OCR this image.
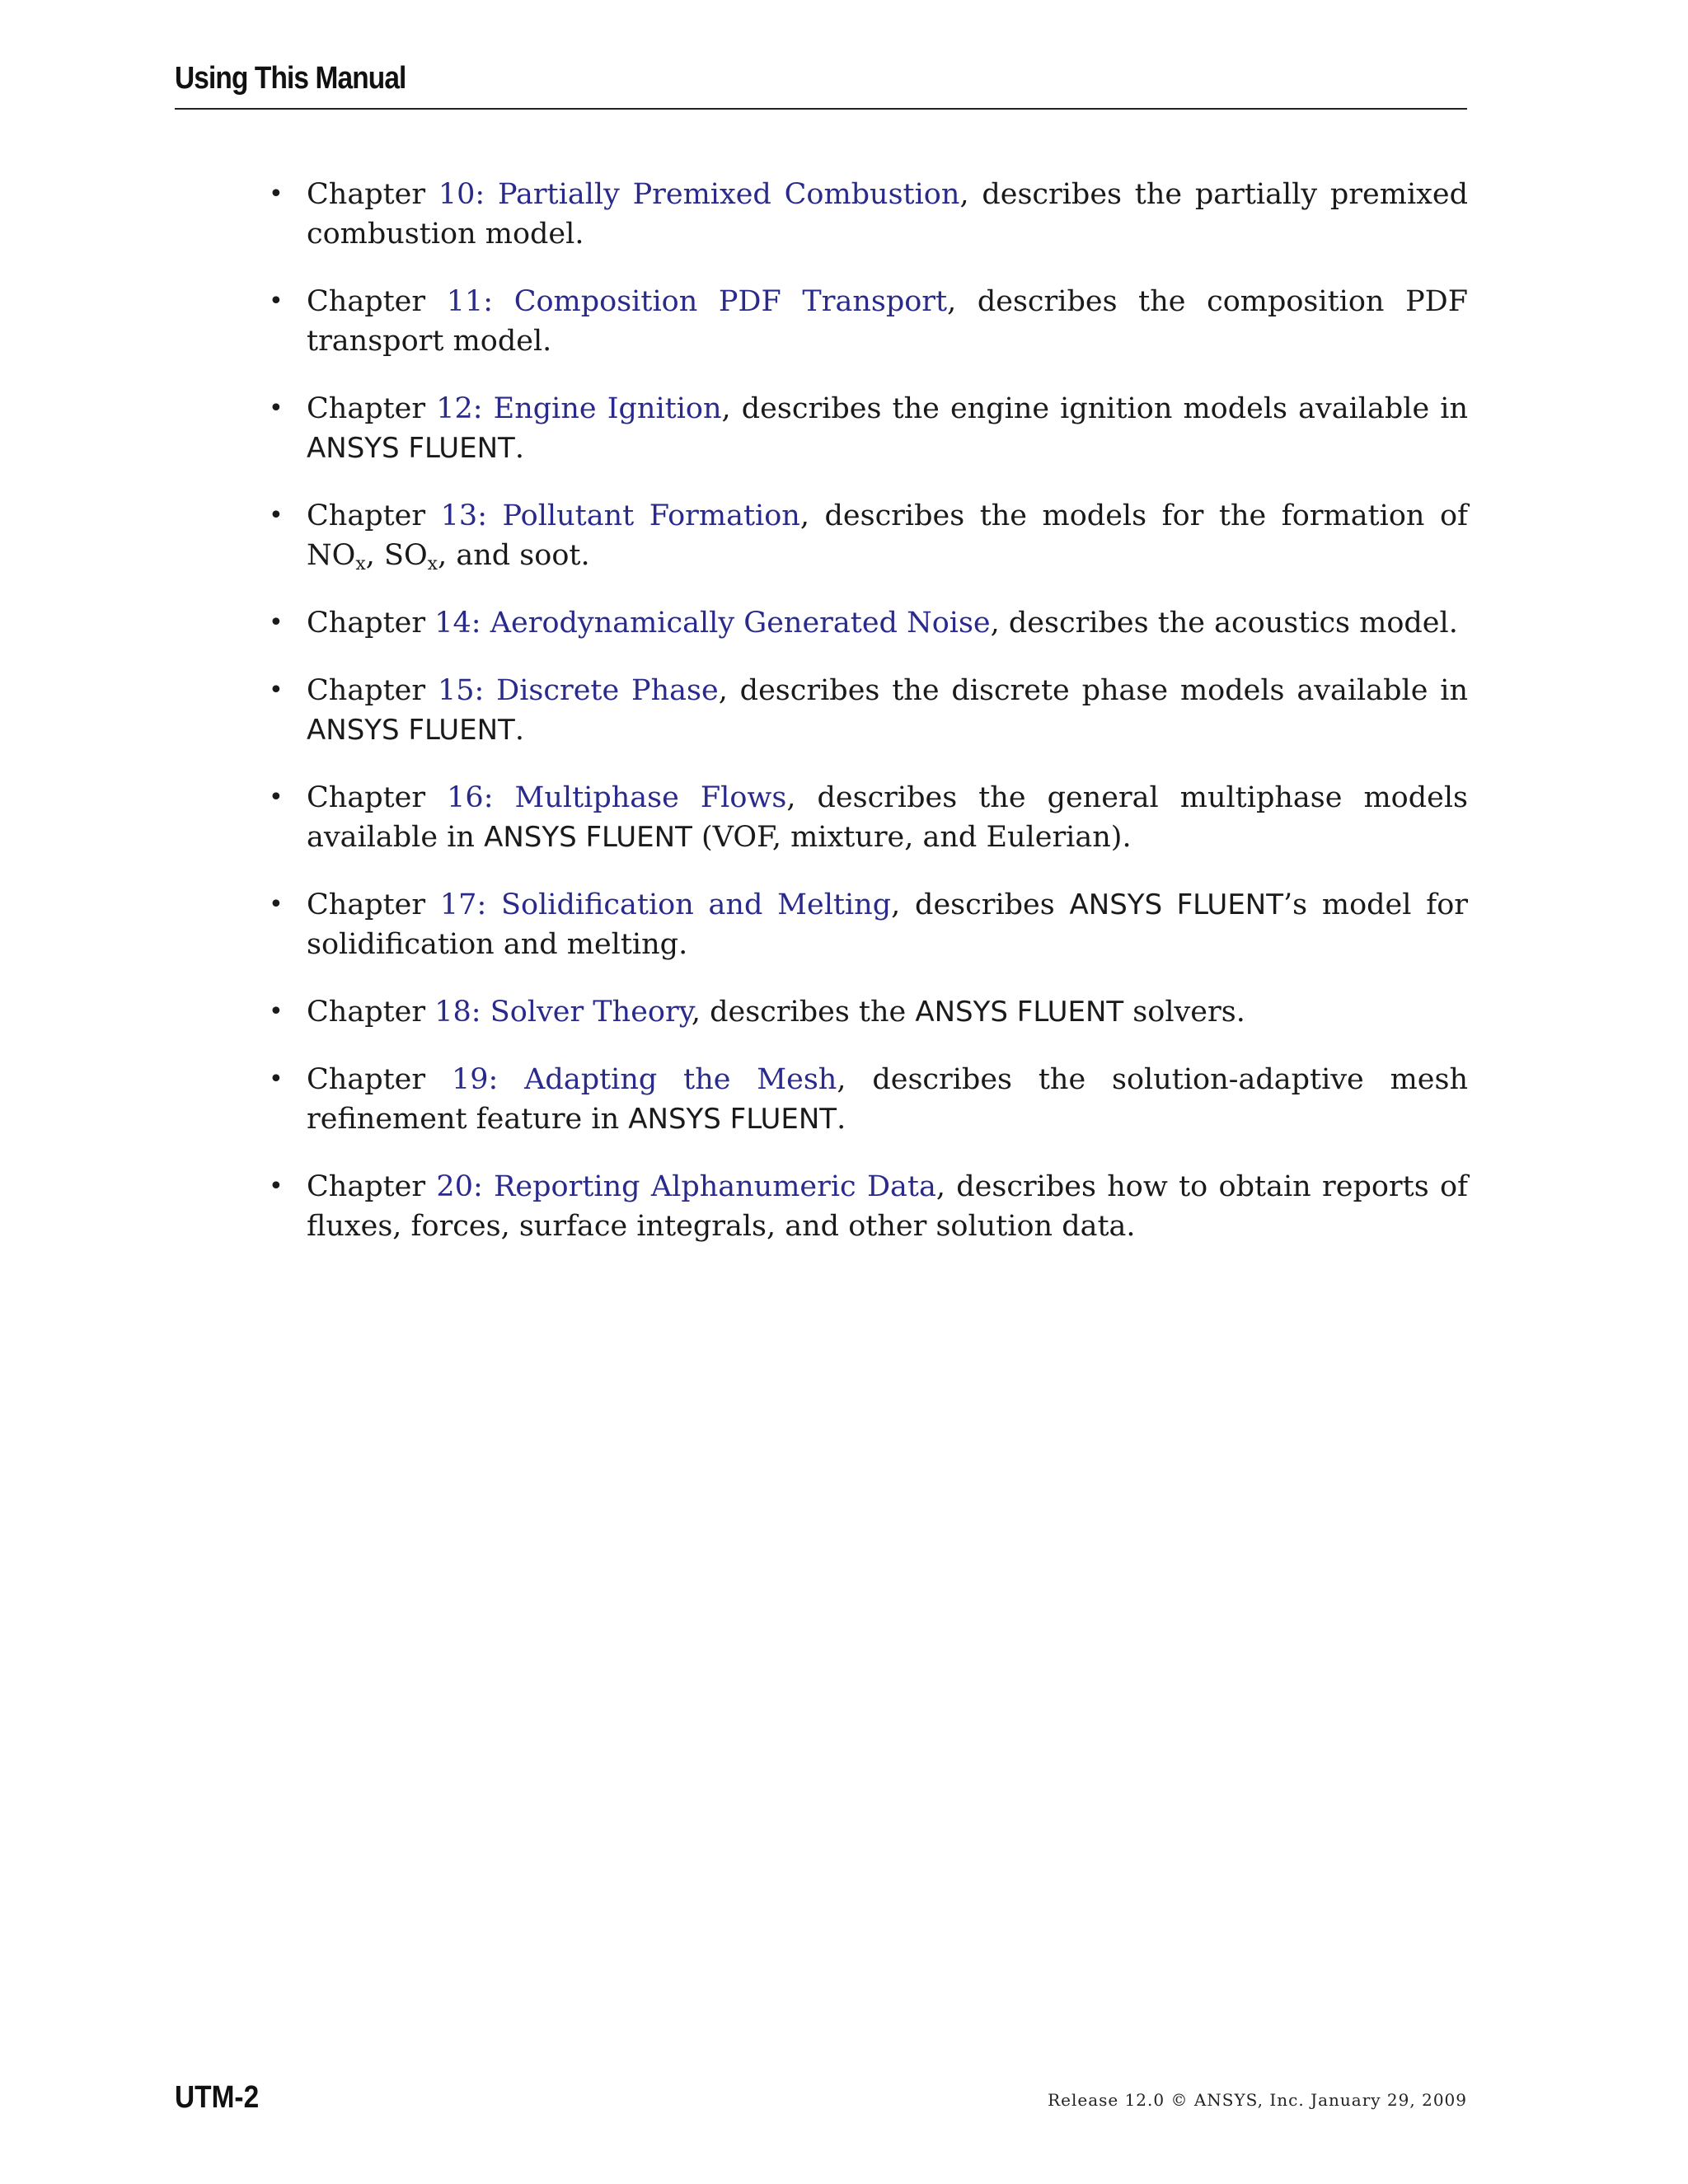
Using This Manual
• Chapter 10: Partially Premixed Combustion, describes the partially premixed combustion model.
• Chapter 11: Composition PDF Transport, describes the composition PDF transport model.
• Chapter 12: Engine Ignition, describes the engine ignition models available in ANSYS FLUENT.
• Chapter 13: Pollutant Formation, describes the models for the formation of $NO_x$, $SO_x$, and soot.
• Chapter 14: Aerodynamically Generated Noise, describes the acoustics model.
• Chapter 15: Discrete Phase, describes the discrete phase models available in ANSYS FLUENT.
• Chapter 16: Multiphase Flows, describes the general multiphase models available in ANSYS FLUENT (VOF, mixture, and Eulerian).
• Chapter 17: Solidification and Melting, describes ANSYS FLUENT’s model for solidification and melting.
• Chapter 18: Solver Theory, describes the ANSYS FLUENT solvers.
• Chapter 19: Adapting the Mesh, describes the solution-adaptive mesh refinement feature in ANSYS FLUENT.
• Chapter 20: Reporting Alphanumeric Data, describes how to obtain reports of fluxes, forces, surface integrals, and other solution data.
UTM-2	Release 12.0 © ANSYS, Inc. January 29, 2009
